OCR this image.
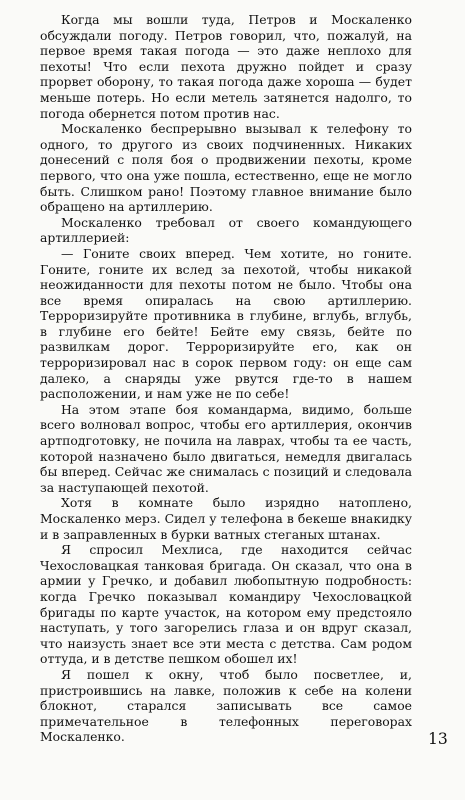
Когда мы вошли туда, Петров и Москаленко обсуждали погоду. Петров говорил, что, пожалуй, на первое время такая погода — это даже неплохо для пехоты! Что если пехота дружно пойдет и сразу прорвет оборону, то такая погода даже хороша — будет меньше потерь. Но если метель затянется надолго, то погода обернется потом против нас.

Москаленко беспрерывно вызывал к телефону то одного, то другого из своих подчиненных. Никаких донесений с поля боя о продвижении пехоты, кроме первого, что она уже пошла, естественно, еще не могло быть. Слишком рано! Поэтому главное внимание было обращено на артиллерию.

Москаленко требовал от своего командующего артиллерией:

— Гоните своих вперед. Чем хотите, но гоните. Гоните, гоните их вслед за пехотой, чтобы никакой неожиданности для пехоты потом не было. Чтобы она все время опиралась на свою артиллерию. Терроризируйте противника в глубине, вглубь, вглубь, в глубине его бейте! Бейте ему связь, бейте по развилкам дорог. Терроризируйте его, как он терроризировал нас в сорок первом году: он еще сам далеко, а снаряды уже рвутся где-то в нашем расположении, и нам уже не по себе!

На этом этапе боя командарма, видимо, больше всего волновал вопрос, чтобы его артиллерия, окончив артподготовку, не почила на лаврах, чтобы та ее часть, которой назначено было двигаться, немедля двигалась бы вперед. Сейчас же снималась с позиций и следовала за наступающей пехотой.

Хотя в комнате было изрядно натоплено, Москаленко мерз. Сидел у телефона в бекеше внакидку и в заправленных в бурки ватных стеганых штанах.

Я спросил Мехлиса, где находится сейчас Чехословацкая танковая бригада. Он сказал, что она в армии у Гречко, и добавил любопытную подробность: когда Гречко показывал командиру Чехословацкой бригады по карте участок, на котором ему предстояло наступать, у того загорелись глаза и он вдруг сказал, что наизусть знает все эти места с детства. Сам родом оттуда, и в детстве пешком обошел их!

Я пошел к окну, чтоб было посветлее, и, пристроившись на лавке, положив к себе на колени блокнот, старался записывать все самое примечательное в телефонных переговорах Москаленко.	13
